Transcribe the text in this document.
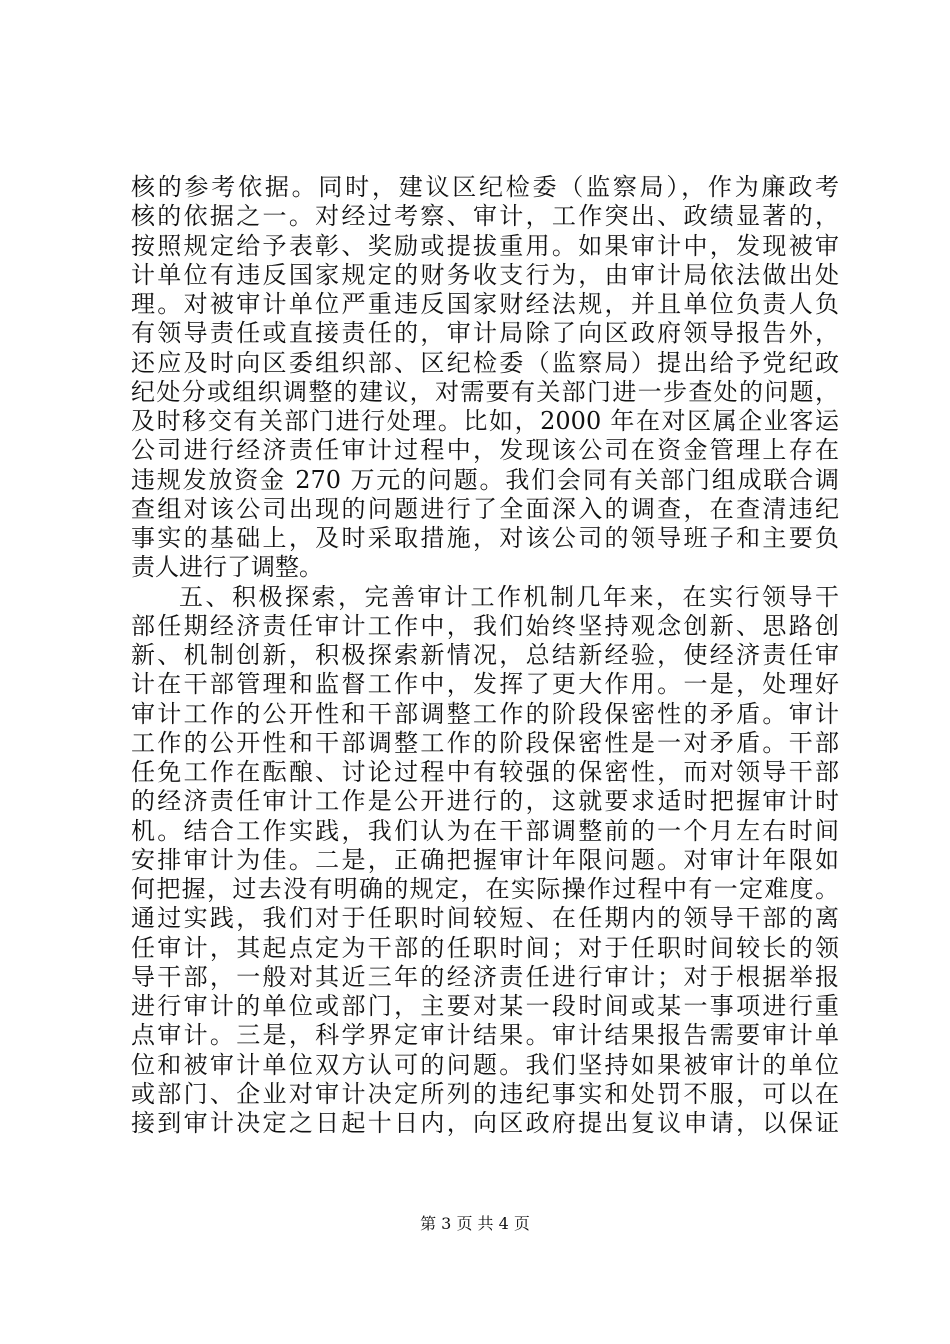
核的参考依据。同时，建议区纪检委（监察局），作为廉政考
核的依据之一。对经过考察、审计，工作突出、政绩显著的，
按照规定给予表彰、奖励或提拔重用。如果审计中，发现被审
计单位有违反国家规定的财务收支行为，由审计局依法做出处
理。对被审计单位严重违反国家财经法规，并且单位负责人负
有领导责任或直接责任的，审计局除了向区政府领导报告外，
还应及时向区委组织部、区纪检委（监察局）提出给予党纪政
纪处分或组织调整的建议，对需要有关部门进一步查处的问题，
及时移交有关部门进行处理。比如，2000 年在对区属企业客运
公司进行经济责任审计过程中，发现该公司在资金管理上存在
违规发放资金 270 万元的问题。我们会同有关部门组成联合调
查组对该公司出现的问题进行了全面深入的调查，在查清违纪
事实的基础上，及时采取措施，对该公司的领导班子和主要负
责人进行了调整。
五、积极探索，完善审计工作机制几年来，在实行领导干
部任期经济责任审计工作中，我们始终坚持观念创新、思路创
新、机制创新，积极探索新情况，总结新经验，使经济责任审
计在干部管理和监督工作中，发挥了更大作用。一是，处理好
审计工作的公开性和干部调整工作的阶段保密性的矛盾。审计
工作的公开性和干部调整工作的阶段保密性是一对矛盾。干部
任免工作在酝酿、讨论过程中有较强的保密性，而对领导干部
的经济责任审计工作是公开进行的，这就要求适时把握审计时
机。结合工作实践，我们认为在干部调整前的一个月左右时间
安排审计为佳。二是，正确把握审计年限问题。对审计年限如
何把握，过去没有明确的规定，在实际操作过程中有一定难度。
通过实践，我们对于任职时间较短、在任期内的领导干部的离
任审计，其起点定为干部的任职时间；对于任职时间较长的领
导干部，一般对其近三年的经济责任进行审计；对于根据举报
进行审计的单位或部门，主要对某一段时间或某一事项进行重
点审计。三是，科学界定审计结果。审计结果报告需要审计单
位和被审计单位双方认可的问题。我们坚持如果被审计的单位
或部门、企业对审计决定所列的违纪事实和处罚不服，可以在
接到审计决定之日起十日内，向区政府提出复议申请，以保证
第 3 页 共 4 页
